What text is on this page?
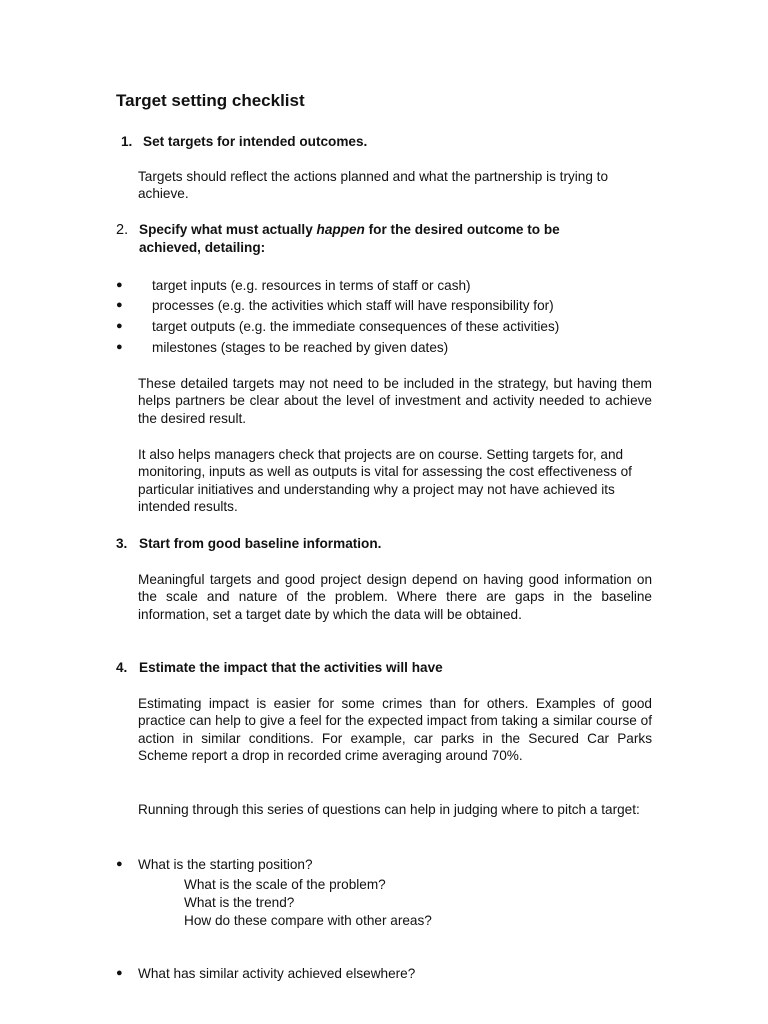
Target setting checklist
1. Set targets for intended outcomes.
Targets should reflect the actions planned and what the partnership is trying to achieve.
2. Specify what must actually happen for the desired outcome to be
achieved, detailing:
● target inputs (e.g. resources in terms of staff or cash)
● processes (e.g. the activities which staff will have responsibility for)
● target outputs (e.g. the immediate consequences of these activities)
● milestones (stages to be reached by given dates)
These detailed targets may not need to be included in the strategy, but having them helps partners be clear about the level of investment and activity needed to achieve the desired result.
It also helps managers check that projects are on course. Setting targets for, and monitoring, inputs as well as outputs is vital for assessing the cost effectiveness of particular initiatives and understanding why a project may not have achieved its intended results.
3. Start from good baseline information.
Meaningful targets and good project design depend on having good information on the scale and nature of the problem. Where there are gaps in the baseline information, set a target date by which the data will be obtained.
4. Estimate the impact that the activities will have
Estimating impact is easier for some crimes than for others. Examples of good practice can help to give a feel for the expected impact from taking a similar course of action in similar conditions. For example, car parks in the Secured Car Parks Scheme report a drop in recorded crime averaging around 70%.
Running through this series of questions can help in judging where to pitch a target:
● What is the starting position?
What is the scale of the problem?
What is the trend?
How do these compare with other areas?
● What has similar activity achieved elsewhere?
